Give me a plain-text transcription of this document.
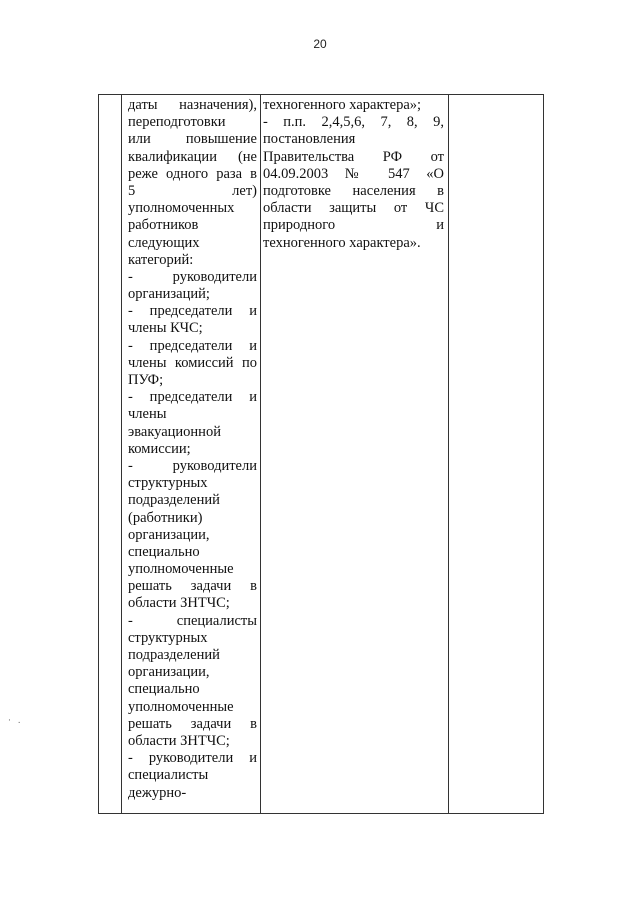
20
даты назначения),
переподготовки
или повышение
квалификации (не
реже одного раза в
5 лет)
уполномоченных
работников
следующих
категорий:
- руководители
организаций;
- председатели и
члены КЧС;
- председатели и
члены комиссий по
ПУФ;
- председатели и
члены
эвакуационной
комиссии;
- руководители
структурных
подразделений
(работники)
организации,
специально
уполномоченные
решать задачи в
области ЗНТЧС;
- специалисты
структурных
подразделений
организации,
специально
уполномоченные
решать задачи в
области ЗНТЧС;
- руководители и
специалисты
дежурно-
техногенного характера»;
- п.п. 2,4,5,6, 7, 8, 9,
постановления
Правительства РФ от
04.09.2003 № 547 «О
подготовке населения в
области защиты от ЧС
природного и
техногенного характера».
· .
